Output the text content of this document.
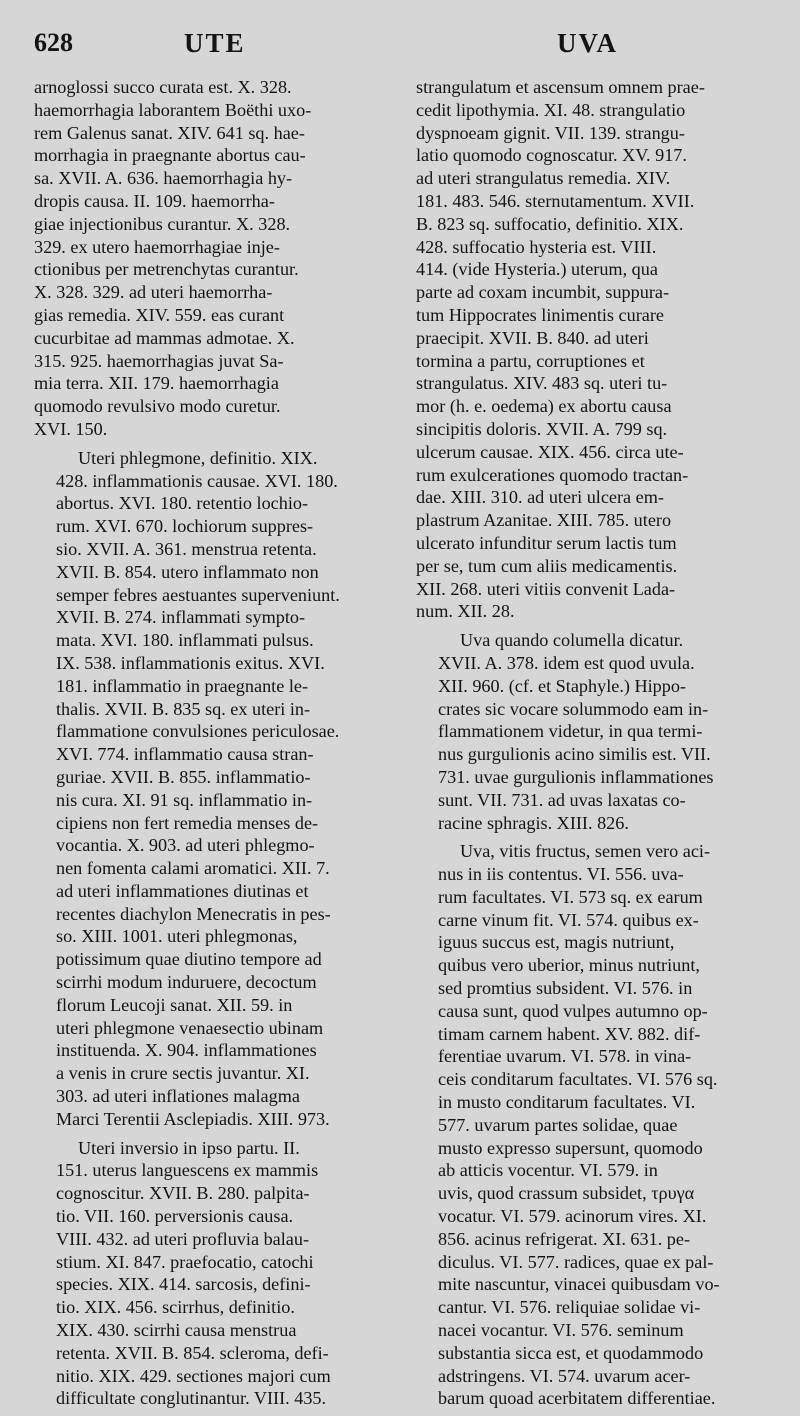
628	UTE	UVA
arnoglossi succo curata est. X. 328.
haemorrhagia laborantem Boëthi uxo-
rem Galenus sanat. XIV. 641 sq. hae-
morrhagia in praegnante abortus cau-
sa. XVII. A. 636. haemorrhagia hy-
dropis causa. II. 109. haemorrha-
giae injectionibus curantur. X. 328.
329. ex utero haemorrhagiae inje-
ctionibus per metrenchytas curantur.
X. 328. 329. ad uteri haemorrha-
gias remedia. XIV. 559. eas curant
cucurbitae ad mammas admotae. X.
315. 925. haemorrhagias juvat Sa-
mia terra. XII. 179. haemorrhagia
quomodo revulsivo modo curetur.
XVI. 150.
Uteri phlegmone, definitio. XIX.
428. inflammationis causae. XVI. 180.
abortus. XVI. 180. retentio lochio-
rum. XVI. 670. lochiorum suppres-
sio. XVII. A. 361. menstrua retenta.
XVII. B. 854. utero inflammato non
semper febres aestuantes superveniunt.
XVII. B. 274. inflammati sympto-
mata. XVI. 180. inflammati pulsus.
IX. 538. inflammationis exitus. XVI.
181. inflammatio in praegnante le-
thalis. XVII. B. 835 sq. ex uteri in-
flammatione convulsiones periculosae.
XVI. 774. inflammatio causa stran-
guriae. XVII. B. 855. inflammatio-
nis cura. XI. 91 sq. inflammatio in-
cipiens non fert remedia menses de-
vocantia. X. 903. ad uteri phlegmo-
nen fomenta calami aromatici. XII. 7.
ad uteri inflammationes diutinas et
recentes diachylon Menecratis in pes-
so. XIII. 1001. uteri phlegmonas,
potissimum quae diutino tempore ad
scirrhi modum induruere, decoctum
florum Leucoji sanat. XII. 59. in
uteri phlegmone venaesectio ubinam
instituenda. X. 904. inflammationes
a venis in crure sectis juvantur. XI.
303. ad uteri inflationes malagma
Marci Terentii Asclepiadis. XIII. 973.
Uteri inversio in ipso partu. II.
151. uterus languescens ex mammis
cognoscitur. XVII. B. 280. palpita-
tio. VII. 160. perversionis causa.
VIII. 432. ad uteri profluvia balau-
stium. XI. 847. praefocatio, catochi
species. XIX. 414. sarcosis, defini-
tio. XIX. 456. scirrhus, definitio.
XIX. 430. scirrhi causa menstrua
retenta. XVII. B. 854. scleroma, defi-
nitio. XIX. 429. sectiones majori cum
difficultate conglutinantur. VIII. 435.
strangulatum et ascensum omnem prae-
cedit lipothymia. XI. 48. strangulatio
dyspnoeam gignit. VII. 139. strangu-
latio quomodo cognoscatur. XV. 917.
ad uteri strangulatus remedia. XIV.
181. 483. 546. sternutamentum. XVII.
B. 823 sq. suffocatio, definitio. XIX.
428. suffocatio hysteria est. VIII.
414. (vide Hysteria.) uterum, qua
parte ad coxam incumbit, suppura-
tum Hippocrates linimentis curare
praecipit. XVII. B. 840. ad uteri
tormina a partu, corruptiones et
strangulatus. XIV. 483 sq. uteri tu-
mor (h. e. oedema) ex abortu causa
sincipitis doloris. XVII. A. 799 sq.
ulcerum causae. XIX. 456. circa ute-
rum exulcerationes quomodo tractan-
dae. XIII. 310. ad uteri ulcera em-
plastrum Azanitae. XIII. 785. utero
ulcerato infunditur serum lactis tum
per se, tum cum aliis medicamentis.
XII. 268. uteri vitiis convenit Lada-
num. XII. 28.
Uva quando columella dicatur.
XVII. A. 378. idem est quod uvula.
XII. 960. (cf. et Staphyle.) Hippo-
crates sic vocare solummodo eam in-
flammationem videtur, in qua termi-
nus gurgulionis acino similis est. VII.
731. uvae gurgulionis inflammationes
sunt. VII. 731. ad uvas laxatas co-
racine sphragis. XIII. 826.
Uva, vitis fructus, semen vero aci-
nus in iis contentus. VI. 556. uva-
rum facultates. VI. 573 sq. ex earum
carne vinum fit. VI. 574. quibus ex-
iguus succus est, magis nutriunt,
quibus vero uberior, minus nutriunt,
sed promtius subsident. VI. 576. in
causa sunt, quod vulpes autumno op-
timam carnem habent. XV. 882. dif-
ferentiae uvarum. VI. 578. in vina-
ceis conditarum facultates. VI. 576 sq.
in musto conditarum facultates. VI.
577. uvarum partes solidae, quae
musto expresso supersunt, quomodo
ab atticis vocentur. VI. 579. in
uvis, quod crassum subsidet, τρυγα
vocatur. VI. 579. acinorum vires. XI.
856. acinus refrigerat. XI. 631. pe-
diculus. VI. 577. radices, quae ex pal-
mite nascuntur, vinacei quibusdam vo-
cantur. VI. 576. reliquiae solidae vi-
nacei vocantur. VI. 576. seminum
substantia sicca est, et quodammodo
adstringens. VI. 574. uvarum acer-
barum quoad acerbitatem differentiae.
